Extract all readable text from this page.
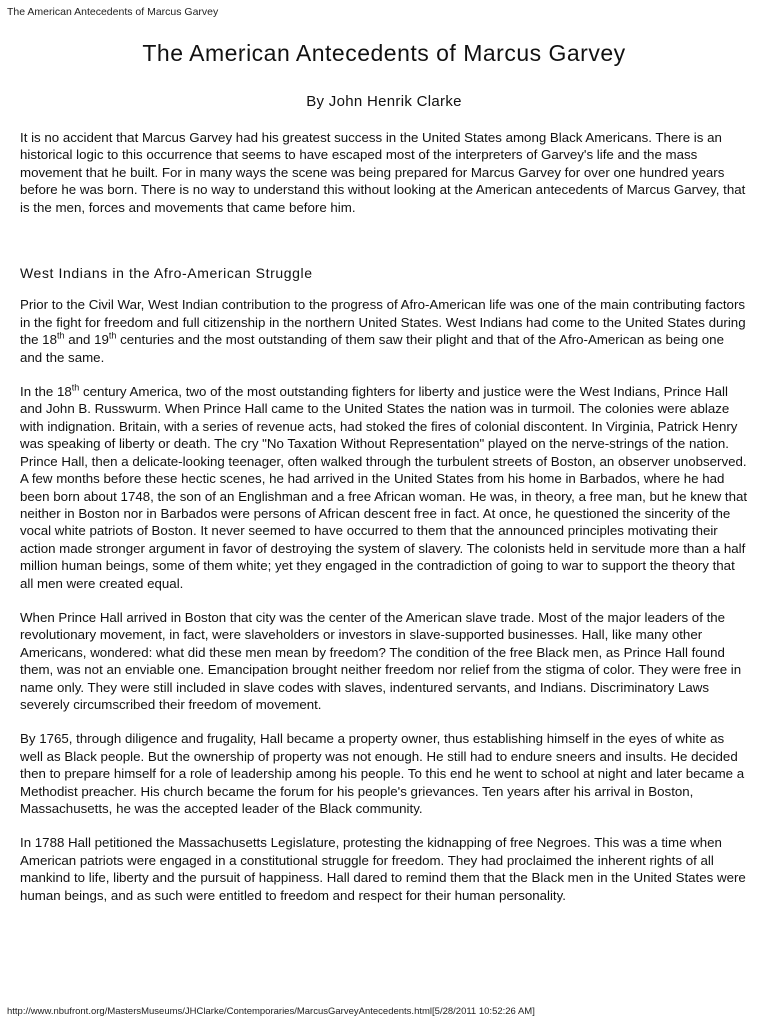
The American Antecedents of Marcus Garvey
The American Antecedents of Marcus Garvey
By John Henrik Clarke

It is no accident that Marcus Garvey had his greatest success in the United States among Black Americans. There is an historical logic to this occurrence that seems to have escaped most of the interpreters of Garvey's life and the mass movement that he built. For in many ways the scene was being prepared for Marcus Garvey for over one hundred years before he was born. There is no way to understand this without looking at the American antecedents of Marcus Garvey, that is the men, forces and movements that came before him.

West Indians in the Afro-American Struggle

Prior to the Civil War, West Indian contribution to the progress of Afro-American life was one of the main contributing factors in the fight for freedom and full citizenship in the northern United States. West Indians had come to the United States during the 18th and 19th centuries and the most outstanding of them saw their plight and that of the Afro-American as being one and the same.

In the 18th century America, two of the most outstanding fighters for liberty and justice were the West Indians, Prince Hall and John B. Russwurm. When Prince Hall came to the United States the nation was in turmoil. The colonies were ablaze with indignation. Britain, with a series of revenue acts, had stoked the fires of colonial discontent. In Virginia, Patrick Henry was speaking of liberty or death. The cry "No Taxation Without Representation" played on the nerve-strings of the nation. Prince Hall, then a delicate-looking teenager, often walked through the turbulent streets of Boston, an observer unobserved. A few months before these hectic scenes, he had arrived in the United States from his home in Barbados, where he had been born about 1748, the son of an Englishman and a free African woman. He was, in theory, a free man, but he knew that neither in Boston nor in Barbados were persons of African descent free in fact. At once, he questioned the sincerity of the vocal white patriots of Boston. It never seemed to have occurred to them that the announced principles motivating their action made stronger argument in favor of destroying the system of slavery. The colonists held in servitude more than a half million human beings, some of them white; yet they engaged in the contradiction of going to war to support the theory that all men were created equal.

When Prince Hall arrived in Boston that city was the center of the American slave trade. Most of the major leaders of the revolutionary movement, in fact, were slaveholders or investors in slave-supported businesses. Hall, like many other Americans, wondered: what did these men mean by freedom? The condition of the free Black men, as Prince Hall found them, was not an enviable one. Emancipation brought neither freedom nor relief from the stigma of color. They were free in name only. They were still included in slave codes with slaves, indentured servants, and Indians. Discriminatory Laws severely circumscribed their freedom of movement.

By 1765, through diligence and frugality, Hall became a property owner, thus establishing himself in the eyes of white as well as Black people. But the ownership of property was not enough. He still had to endure sneers and insults. He decided then to prepare himself for a role of leadership among his people. To this end he went to school at night and later became a Methodist preacher. His church became the forum for his people's grievances. Ten years after his arrival in Boston, Massachusetts, he was the accepted leader of the Black community.

In 1788 Hall petitioned the Massachusetts Legislature, protesting the kidnapping of free Negroes. This was a time when American patriots were engaged in a constitutional struggle for freedom. They had proclaimed the inherent rights of all mankind to life, liberty and the pursuit of happiness. Hall dared to remind them that the Black men in the United States were human beings, and as such were entitled to freedom and respect for their human personality.

http://www.nbufront.org/MastersMuseums/JHClarke/Contemporaries/MarcusGarveyAntecedents.html[5/28/2011 10:52:26 AM]
